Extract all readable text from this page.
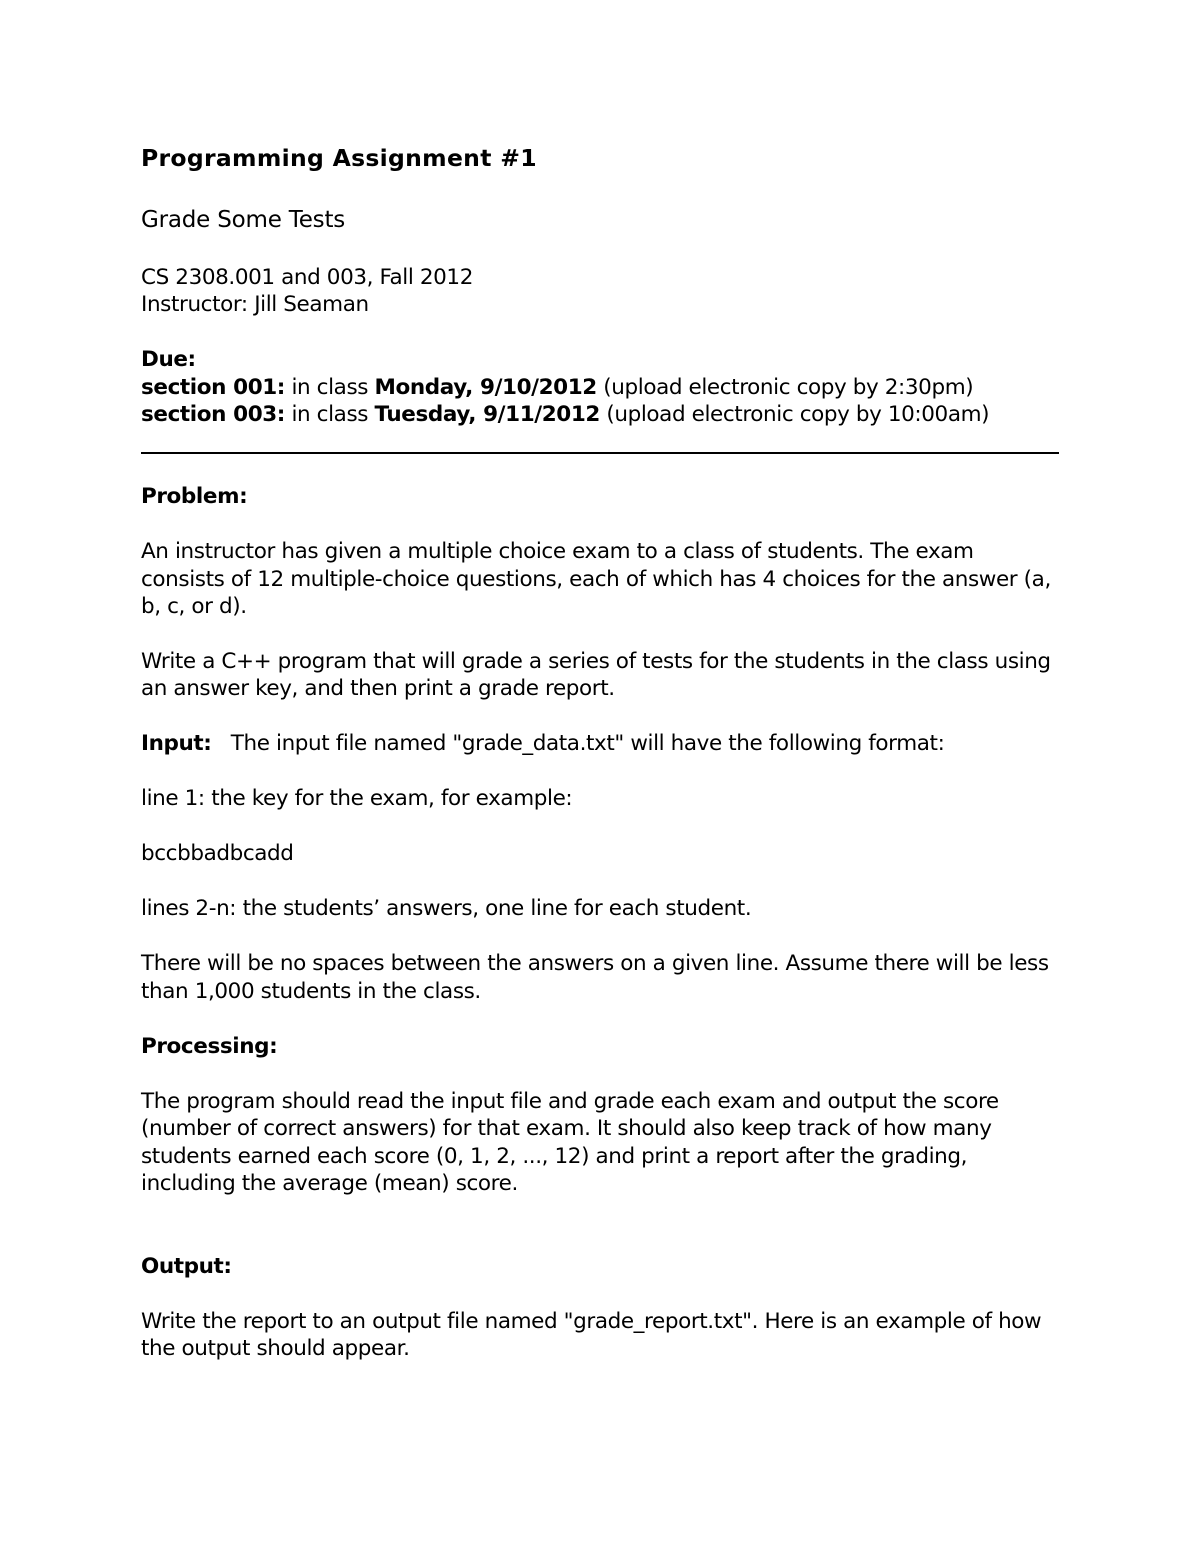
Programming Assignment #1
Grade Some Tests
CS 2308.001 and 003, Fall 2012
Instructor: Jill Seaman
Due:
section 001: in class Monday, 9/10/2012 (upload electronic copy by 2:30pm)
section 003: in class Tuesday, 9/11/2012 (upload electronic copy by 10:00am)
Problem:
An instructor has given a multiple choice exam to a class of students. The exam
consists of 12 multiple-choice questions, each of which has 4 choices for the answer (a,
b, c, or d).
Write a C++ program that will grade a series of tests for the students in the class using
an answer key, and then print a grade report.
Input:   The input file named "grade_data.txt" will have the following format:
line 1: the key for the exam, for example:
bccbbadbcadd
lines 2-n: the students’ answers, one line for each student.
There will be no spaces between the answers on a given line. Assume there will be less
than 1,000 students in the class.
Processing:
The program should read the input file and grade each exam and output the score
(number of correct answers) for that exam. It should also keep track of how many
students earned each score (0, 1, 2, ..., 12) and print a report after the grading,
including the average (mean) score.
Output:
Write the report to an output file named "grade_report.txt". Here is an example of how
the output should appear.
